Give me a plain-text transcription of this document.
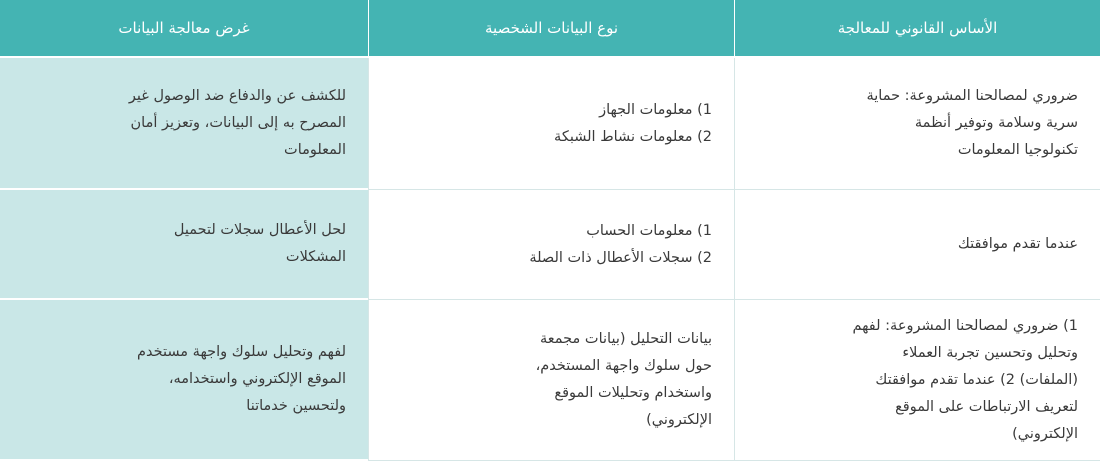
الأساس القانوني للمعالجة
نوع البيانات الشخصية
غرض معالجة البيانات
ضروري لمصالحنا المشروعة: حماية
سرية وسلامة وتوفير أنظمة
تكنولوجيا المعلومات
1) معلومات الجهاز
2) معلومات نشاط الشبكة
للكشف عن والدفاع ضد الوصول غير
المصرح به إلى البيانات، وتعزيز أمان
المعلومات
عندما تقدم موافقتك
1) معلومات الحساب
2) سجلات الأعطال ذات الصلة
لحل الأعطال سجلات لتحميل
المشكلات
1) ضروري لمصالحنا المشروعة: لفهم
وتحليل وتحسين تجربة العملاء
(الملفات) 2) عندما تقدم موافقتك
لتعريف الارتباطات على الموقع
الإلكتروني)
بيانات التحليل (بيانات مجمعة
حول سلوك واجهة المستخدم،
واستخدام وتحليلات الموقع
الإلكتروني)
لفهم وتحليل سلوك واجهة مستخدم
الموقع الإلكتروني واستخدامه،
ولتحسين خدماتنا
